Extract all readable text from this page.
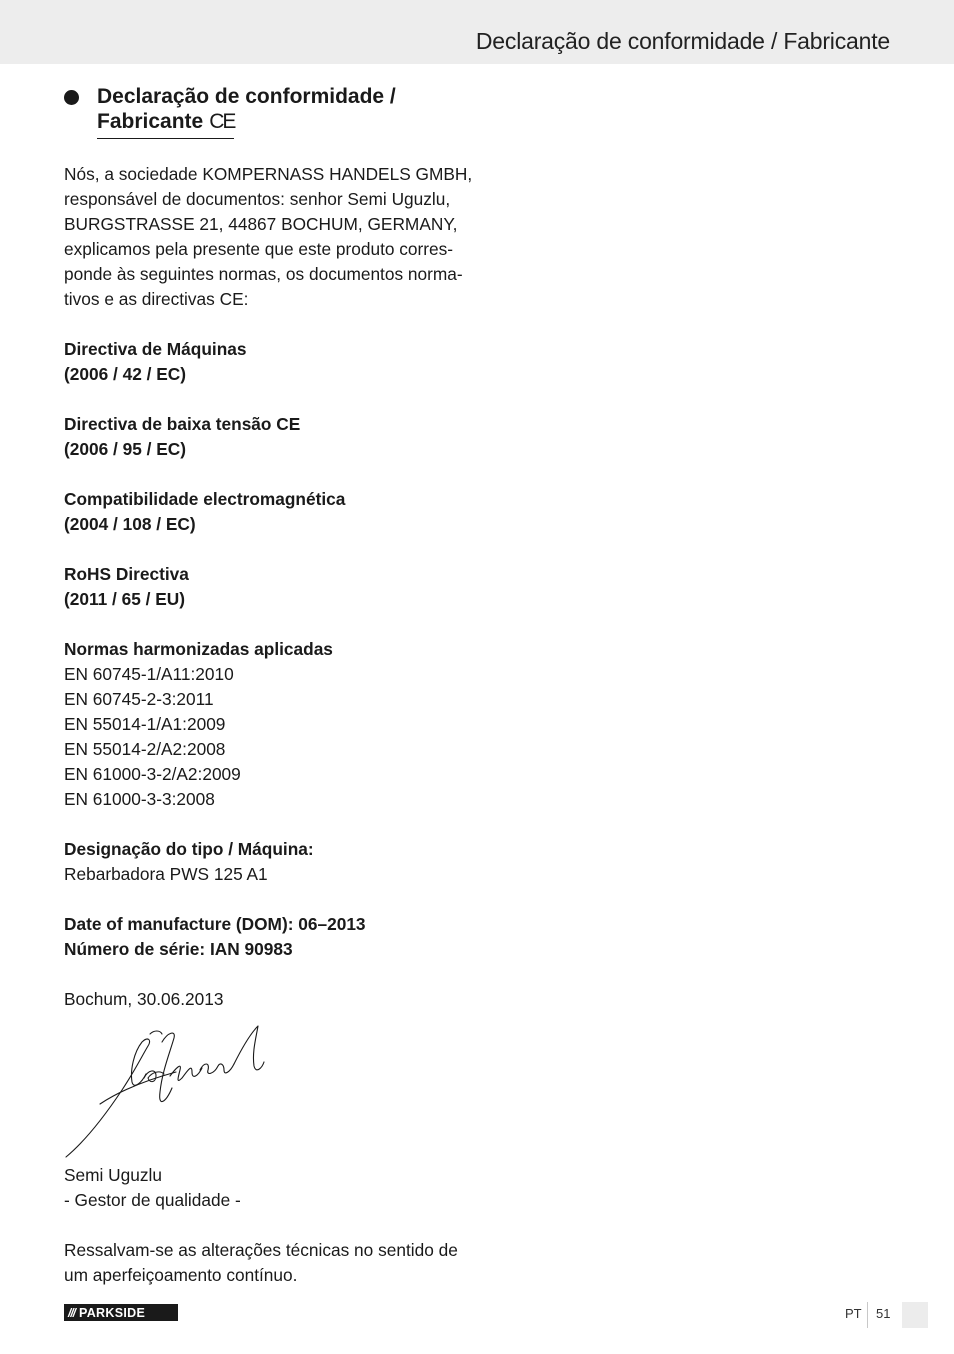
Declaração de conformidade / Fabricante
Declaração de conformidade /
Fabricante CE

Nós, a sociedade KOMPERNASS HANDELS GMBH,

responsável de documentos: senhor Semi Uguzlu,

BURGSTRASSE 21, 44867 BOCHUM, GERMANY,

explicamos pela presente que este produto corres-

ponde às seguintes normas, os documentos norma-

tivos e as directivas CE:

Directiva de Máquinas

(2006 / 42 / EC)

Directiva de baixa tensão CE

(2006 / 95 / EC)

Compatibilidade electromagnética

(2004 / 108 / EC)

RoHS Directiva

(2011 / 65 / EU)

Normas harmonizadas aplicadas

EN 60745-1/A11:2010

EN 60745-2-3:2011

EN 55014-1/A1:2009

EN 55014-2/A2:2008

EN 61000-3-2/A2:2009

EN 61000-3-3:2008

Designação do tipo / Máquina:

Rebarbadora PWS 125 A1

Date of manufacture (DOM): 06–2013

Número de série: IAN 90983

Bochum, 30.06.2013

Semi Uguzlu
- Gestor de qualidade -
Ressalvam-se as alterações técnicas no sentido de
um aperfeiçoamento contínuo.
/// PARKSIDE	PT 51
